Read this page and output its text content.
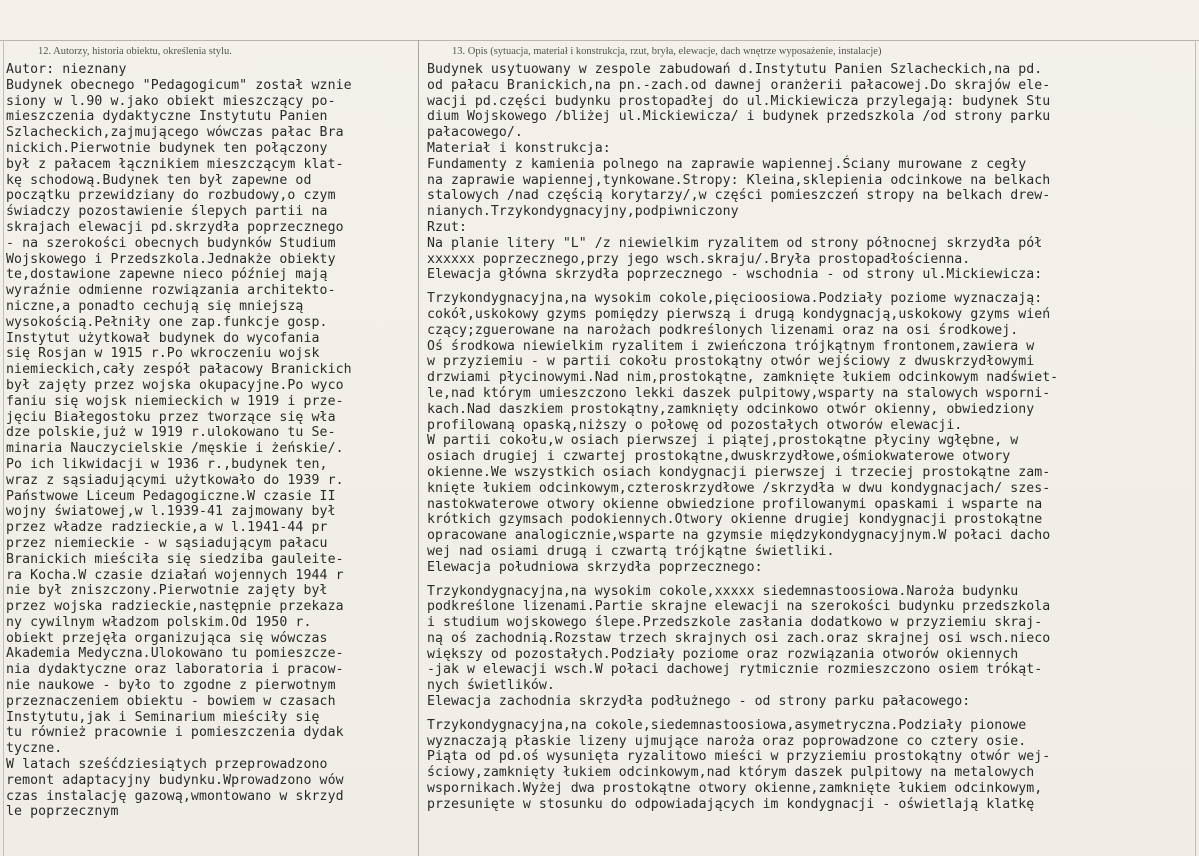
12. Autorzy, historia obiektu, określenia stylu.	13. Opis (sytuacja, materiał i konstrukcja, rzut, bryła, elewacje, dach wnętrze wyposażenie, instalacje)
Autor: nieznany
Budynek obecnego "Pedagogicum" został wznie
siony w l.90 w.jako obiekt mieszczący po-
mieszczenia dydaktyczne Instytutu Panien
Szlacheckich,zajmującego wówczas pałac Bra
nickich.Pierwotnie budynek ten połączony
był z pałacem łącznikiem mieszczącym klat-
kę schodową.Budynek ten był zapewne od
początku przewidziany do rozbudowy,o czym
świadczy pozostawienie ślepych partii na
skrajach elewacji pd.skrzydła poprzecznego
- na szerokości obecnych budynków Studium
Wojskowego i Przedszkola.Jednakże obiekty
te,dostawione zapewne nieco później mają
wyraźnie odmienne rozwiązania architekto-
niczne,a ponadto cechują się mniejszą
wysokością.Pełniły one zap.funkcje gosp.
Instytut użytkował budynek do wycofania
się Rosjan w 1915 r.Po wkroczeniu wojsk
niemieckich,cały zespół pałacowy Branickich
był zajęty przez wojska okupacyjne.Po wyco
faniu się wojsk niemieckich w 1919 i prze-
jęciu Białegostoku przez tworzące się wła
dze polskie,już w 1919 r.ulokowano tu Se-
minaria Nauczycielskie /męskie i żeńskie/.
Po ich likwidacji w 1936 r.,budynek ten,
wraz z sąsiadującymi użytkowało do 1939 r.
Państwowe Liceum Pedagogiczne.W czasie II
wojny światowej,w l.1939-41 zajmowany był
przez władze radzieckie,a w l.1941-44 pr
przez niemieckie - w sąsiadującym pałacu
Branickich mieściła się siedziba gauleite-
ra Kocha.W czasie działań wojennych 1944 r
nie był zniszczony.Pierwotnie zajęty był
przez wojska radzieckie,następnie przekaza
ny cywilnym władzom polskim.Od 1950 r.
obiekt przejęła organizująca się wówczas
Akademia Medyczna.Ulokowano tu pomieszcze-
nia dydaktyczne oraz laboratoria i pracow-
nie naukowe - było to zgodne z pierwotnym
przeznaczeniem obiektu - bowiem w czasach
Instytutu,jak i Seminarium mieściły się
tu również pracownie i pomieszczenia dydak
tyczne.
W latach sześćdziesiątych przeprowadzono
remont adaptacyjny budynku.Wprowadzono wów
czas instalację gazową,wmontowano w skrzyd
le poprzecznym
Budynek usytuowany w zespole zabudowań d.Instytutu Panien Szlacheckich,na pd.
od pałacu Branickich,na pn.-zach.od dawnej oranżerii pałacowej.Do skrajów ele-
wacji pd.części budynku prostopadłej do ul.Mickiewicza przylegają: budynek Stu
dium Wojskowego /bliżej ul.Mickiewicza/ i budynek przedszkola /od strony parku
pałacowego/.
Materiał i konstrukcja:
Fundamenty z kamienia polnego na zaprawie wapiennej.Ściany murowane z cegły
na zaprawie wapiennej,tynkowane.Stropy: Kleina,sklepienia odcinkowe na belkach
stalowych /nad częścią korytarzy/,w części pomieszczeń stropy na belkach drew-
nianych.Trzykondygnacyjny,podpiwniczony
Rzut:
Na planie litery "L" /z niewielkim ryzalitem od strony północnej skrzydła pół
xxxxxx poprzecznego,przy jego wsch.skraju/.Bryła prostopadłościenna.
Elewacja główna skrzydła poprzecznego - wschodnia - od strony ul.Mickiewicza:
Trzykondygnacyjna,na wysokim cokole,pięcioosiowa.Podziały poziome wyznaczają:
cokół,uskokowy gzyms pomiędzy pierwszą i drugą kondygnacją,uskokowy gzyms wień
czący;zguerowane na narożach podkreślonych lizenami oraz na osi środkowej.
Oś środkowa niewielkim ryzalitem i zwieńczona trójkątnym frontonem,zawiera w
w przyziemiu - w partii cokołu prostokątny otwór wejściowy z dwuskrzydłowymi
drzwiami płycinowymi.Nad nim,prostokątne, zamknięte łukiem odcinkowym nadświet-
le,nad którym umieszczono lekki daszek pulpitowy,wsparty na stalowych wsporni-
kach.Nad daszkiem prostokątny,zamknięty odcinkowo otwór okienny, obwiedziony
profilowaną opaską,niższy o połowę od pozostałych otworów elewacji.
W partii cokołu,w osiach pierwszej i piątej,prostokątne płyciny wgłębne, w
osiach drugiej i czwartej prostokątne,dwuskrzydłowe,ośmiokwaterowe otwory
okienne.We wszystkich osiach kondygnacji pierwszej i trzeciej prostokątne zam-
knięte łukiem odcinkowym,czteroskrzydłowe /skrzydła w dwu kondygnacjach/ szes-
nastokwaterowe otwory okienne obwiedzione profilowanymi opaskami i wsparte na
krótkich gzymsach podokiennych.Otwory okienne drugiej kondygnacji prostokątne
opracowane analogicznie,wsparte na gzymsie międzykondygnacyjnym.W połaci dacho
wej nad osiami drugą i czwartą trójkątne świetliki.
Elewacja południowa skrzydła poprzecznego:
Trzykondygnacyjna,na wysokim cokole,xxxxx siedemnastoosiowa.Naroża budynku
podkreślone lizenami.Partie skrajne elewacji na szerokości budynku przedszkola
i studium wojskowego ślepe.Przedszkole zasłania dodatkowo w przyziemiu skraj-
ną oś zachodnią.Rozstaw trzech skrajnych osi zach.oraz skrajnej osi wsch.nieco
większy od pozostałych.Podziały poziome oraz rozwiązania otworów okiennych
-jak w elewacji wsch.W połaci dachowej rytmicznie rozmieszczono osiem trókąt-
nych świetlików.
Elewacja zachodnia skrzydła podłużnego - od strony parku pałacowego:
Trzykondygnacyjna,na cokole,siedemnastoosiowa,asymetryczna.Podziały pionowe
wyznaczają płaskie lizeny ujmujące naroża oraz poprowadzone co cztery osie.
Piąta od pd.oś wysunięta ryzalitowo mieści w przyziemiu prostokątny otwór wej-
ściowy,zamknięty łukiem odcinkowym,nad którym daszek pulpitowy na metalowych
wspornikach.Wyżej dwa prostokątne otwory okienne,zamknięte łukiem odcinkowym,
przesunięte w stosunku do odpowiadających im kondygnacji - oświetlają klatkę
